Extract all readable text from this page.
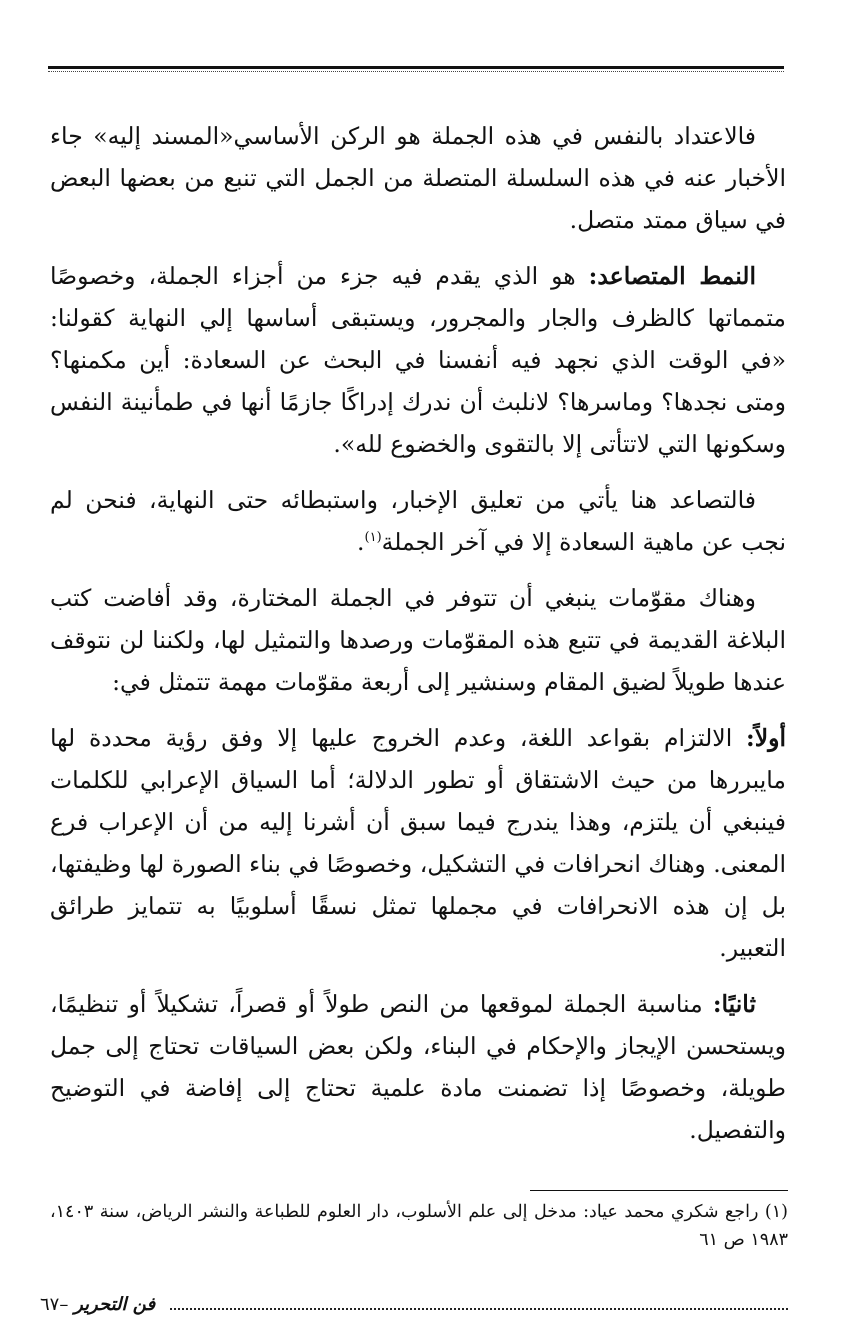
فالاعتداد بالنفس في هذه الجملة هو الركن الأساسي«المسند إليه» جاء الأخبار عنه في هذه السلسلة المتصلة من الجمل التي تنبع من بعضها البعض في سياق ممتد متصل.

النمط المتصاعد: هو الذي يقدم فيه جزء من أجزاء الجملة، وخصوصًا متمماتها كالظرف والجار والمجرور، ويستبقى أساسها إلي النهاية كقولنا: «في الوقت الذي نجهد فيه أنفسنا في البحث عن السعادة: أين مكمنها؟ ومتى نجدها؟ وماسرها؟ لانلبث أن ندرك إدراكًا جازمًا أنها في طمأنينة النفس وسكونها التي لاتتأتى إلا بالتقوى والخضوع لله».

فالتصاعد هنا يأتي من تعليق الإخبار، واستبطائه حتى النهاية، فنحن لم نجب عن ماهية السعادة إلا في آخر الجملة$^{(١)}$.

وهناك مقوّمات ينبغي أن تتوفر في الجملة المختارة، وقد أفاضت كتب البلاغة القديمة في تتبع هذه المقوّمات ورصدها والتمثيل لها، ولكننا لن نتوقف عندها طويلاً لضيق المقام وسنشير إلى أربعة مقوّمات مهمة تتمثل في:

أولاً: الالتزام بقواعد اللغة، وعدم الخروج عليها إلا وفق رؤية محددة لها مايبررها من حيث الاشتقاق أو تطور الدلالة؛ أما السياق الإعرابي للكلمات فينبغي أن يلتزم، وهذا يندرج فيما سبق أن أشرنا إليه من أن الإعراب فرع المعنى. وهناك انحرافات في التشكيل، وخصوصًا في بناء الصورة لها وظيفتها، بل إن هذه الانحرافات في مجملها تمثل نسقًا أسلوبيًا به تتمايز طرائق التعبير.

ثانيًا: مناسبة الجملة لموقعها من النص طولاً أو قصراً، تشكيلاً أو تنظيمًا، ويستحسن الإيجاز والإحكام في البناء، ولكن بعض السياقات تحتاج إلى جمل طويلة، وخصوصًا إذا تضمنت مادة علمية تحتاج إلى إفاضة في التوضيح والتفصيل.

(١) راجع شكري محمد عياد: مدخل إلى علم الأسلوب، دار العلوم للطباعة والنشر الرياض، سنة ١٤٠٣، ١٩٨٣ ص ٦١

فن التحرير –٦٧
